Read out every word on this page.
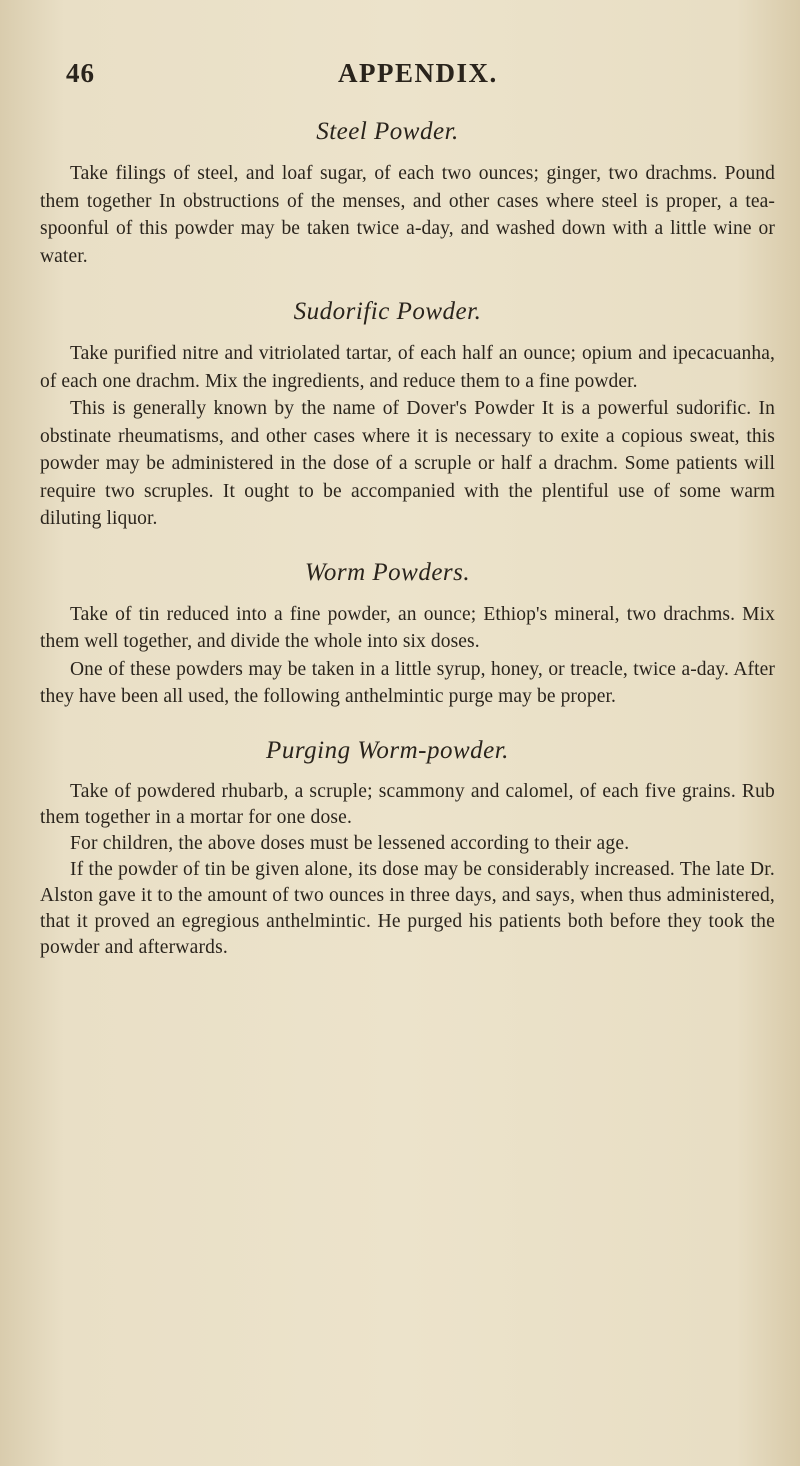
46	APPENDIX.
Steel Powder.

Take filings of steel, and loaf sugar, of each two ounces; ginger, two drachms. Pound them together In obstructions of the menses, and other cases where steel is proper, a tea-spoonful of this powder may be taken twice a-day, and washed down with a little wine or water.

Sudorific Powder.

Take purified nitre and vitriolated tartar, of each half an ounce; opium and ipecacuanha, of each one drachm. Mix the ingredients, and reduce them to a fine powder.

This is generally known by the name of Dover's Powder It is a powerful sudorific. In obstinate rheumatisms, and other cases where it is necessary to exite a copious sweat, this powder may be administered in the dose of a scruple or half a drachm. Some patients will require two scruples. It ought to be accompanied with the plentiful use of some warm diluting liquor.

Worm Powders.

Take of tin reduced into a fine powder, an ounce; Ethiop's mineral, two drachms. Mix them well together, and divide the whole into six doses.

One of these powders may be taken in a little syrup, honey, or treacle, twice a-day. After they have been all used, the following anthelmintic purge may be proper.

Purging Worm-powder.

Take of powdered rhubarb, a scruple; scammony and calomel, of each five grains. Rub them together in a mortar for one dose.

For children, the above doses must be lessened according to their age.

If the powder of tin be given alone, its dose may be considerably increased. The late Dr. Alston gave it to the amount of two ounces in three days, and says, when thus administered, that it proved an egregious anthelmintic. He purged his patients both before they took the powder and afterwards.
